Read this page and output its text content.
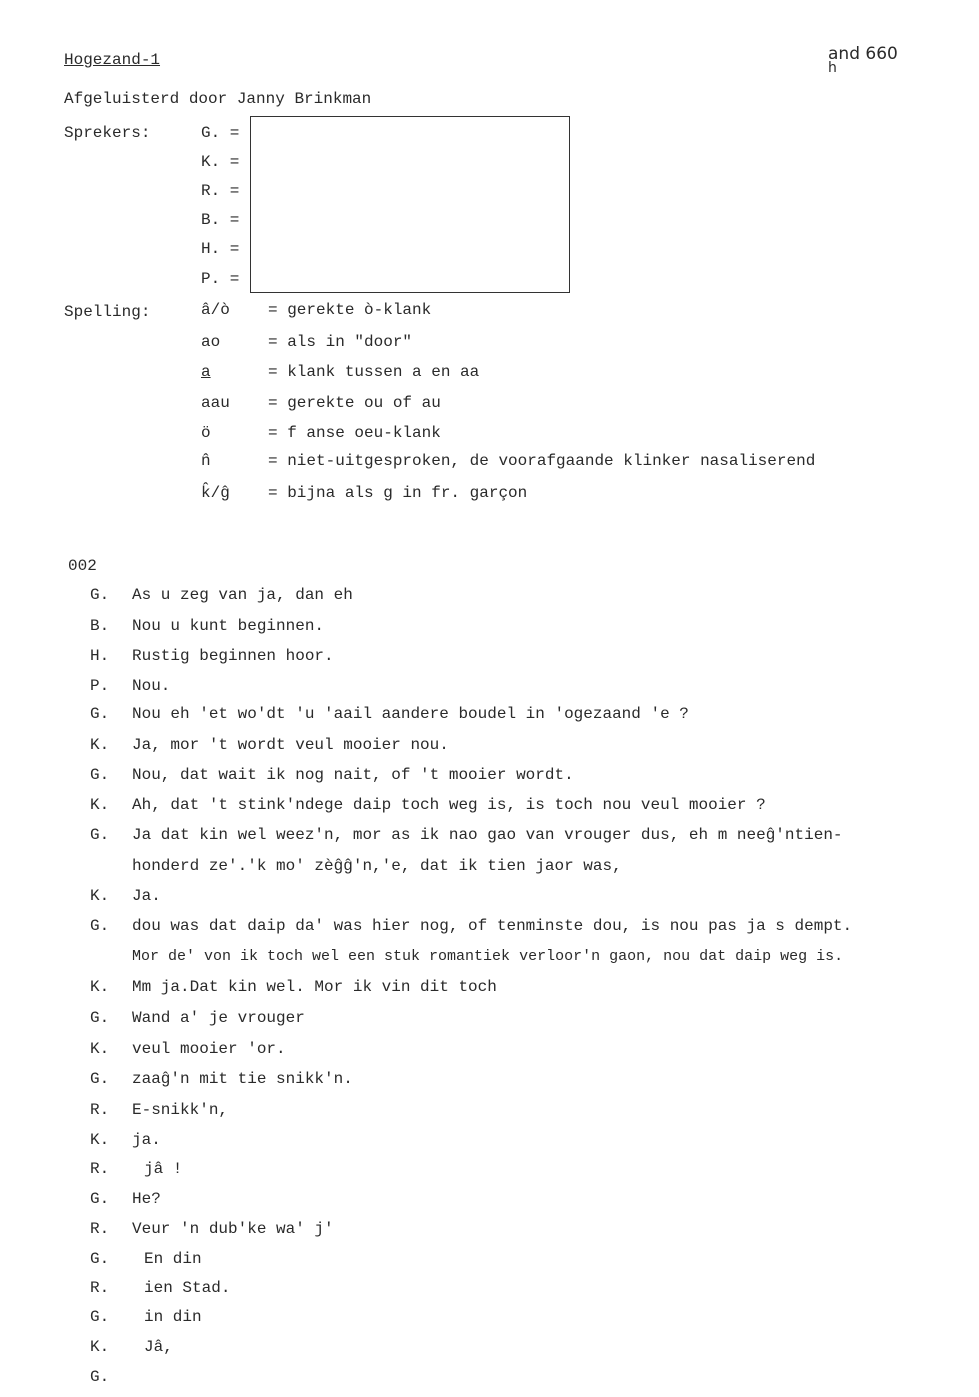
Hogezand-1	and 660
h
Afgeluisterd door Janny Brinkman
Sprekers:	G. =
K. =
R. =
B. =
H. =
P. =
Spelling:	â/ò = gerekte ò-klank
ao	= als in "door"
a	= klank tussen a en aa
aau = gerekte ou of au
ö	= f anse oeu-klank
n̂	= niet-uitgesproken, de voorafgaande klinker nasaliserend
k̂/ĝ = bijna als g in fr. garçon
002
G. As u zeg van ja, dan eh
B. Nou u kunt beginnen.
H. Rustig beginnen hoor.
P. Nou.
G. Nou eh 'et wo'dt 'u 'aail aandere boudel in 'ogezaand 'e ?
K. Ja, mor 't wordt veul mooier nou.
G. Nou, dat wait ik nog nait, of 't mooier wordt.
K. Ah, dat 't stink'ndege daip toch weg is, is toch nou veul mooier ?
G. Ja dat kin wel weez'n, mor as ik nao gao van vrouger dus, eh m neeĝ'ntien-
honderd ze'.'k mo' zèĝĝ'n,'e, dat ik tien jaor was,
K. Ja.
G. dou was dat daip da' was hier nog, of tenminste dou, is nou pas ja s dempt.
Mor de' von ik toch wel een stuk romantiek verloor'n gaon, nou dat daip weg is.
K. Mm ja.Dat kin wel. Mor ik vin dit toch
G. Wand a' je vrouger
K. veul mooier 'or.
G. zaaĝ'n mit tie snikk'n.
R. E-snikk'n,
K. ja.
R. jâ !
G. He?
R. Veur 'n dub'ke wa' j'
G. En din
R. ien Stad.
G. in din
K. Jâ,
G.
